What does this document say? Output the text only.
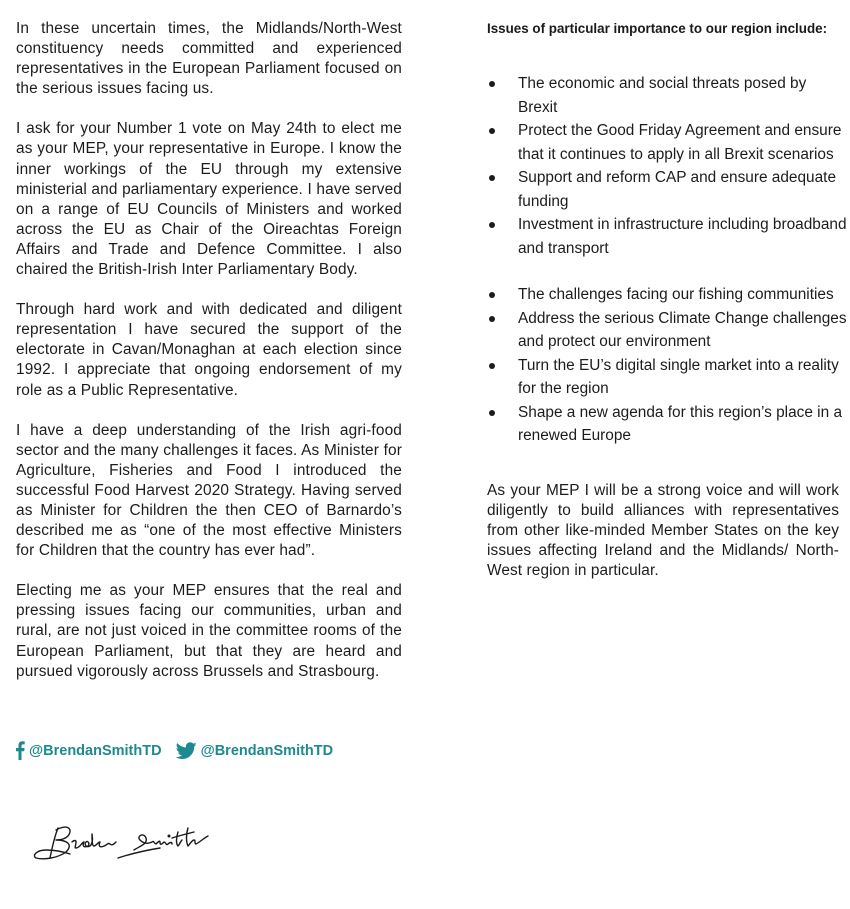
In these uncertain times, the Midlands/North-West constituency needs committed and experienced representatives in the European Parliament focused on the serious issues facing us.

I ask for your Number 1 vote on May 24th to elect me as your MEP, your representative in Europe. I know the inner workings of the EU through my extensive ministerial and parliamentary experience. I have served on a range of EU Councils of Ministers and worked across the EU as Chair of the Oireachtas Foreign Affairs and Trade and Defence Committee. I also chaired the British-Irish Inter Parliamentary Body.

Through hard work and with dedicated and diligent representation I have secured the support of the electorate in Cavan/Monaghan at each election since 1992. I appreciate that ongoing endorsement of my role as a Public Representative.

I have a deep understanding of the Irish agri-food sector and the many challenges it faces. As Minister for Agriculture, Fisheries and Food I introduced the successful Food Harvest 2020 Strategy. Having served as Minister for Children the then CEO of Barnardo’s described me as “one of the most effective Ministers for Children that the country has ever had”.

Electing me as your MEP ensures that the real and pressing issues facing our communities, urban and rural, are not just voiced in the committee rooms of the European Parliament, but that they are heard and pursued vigorously across Brussels and Strasbourg.

@BrendanSmithTD	@BrendanSmithTD
Issues of particular importance to our region include:
The economic and social threats posed by Brexit
Protect the Good Friday Agreement and ensure that it continues to apply in all Brexit scenarios
Support and reform CAP and ensure adequate funding
Investment in infrastructure including broadband and transport
The challenges facing our fishing communities
Address the serious Climate Change challenges and protect our environment
Turn the EU’s digital single market into a reality for the region
Shape a new agenda for this region’s place in a renewed Europe

As your MEP I will be a strong voice and will work diligently to build alliances with representatives from other like-minded Member States on the key issues affecting Ireland and the Midlands/ North-West region in particular.
